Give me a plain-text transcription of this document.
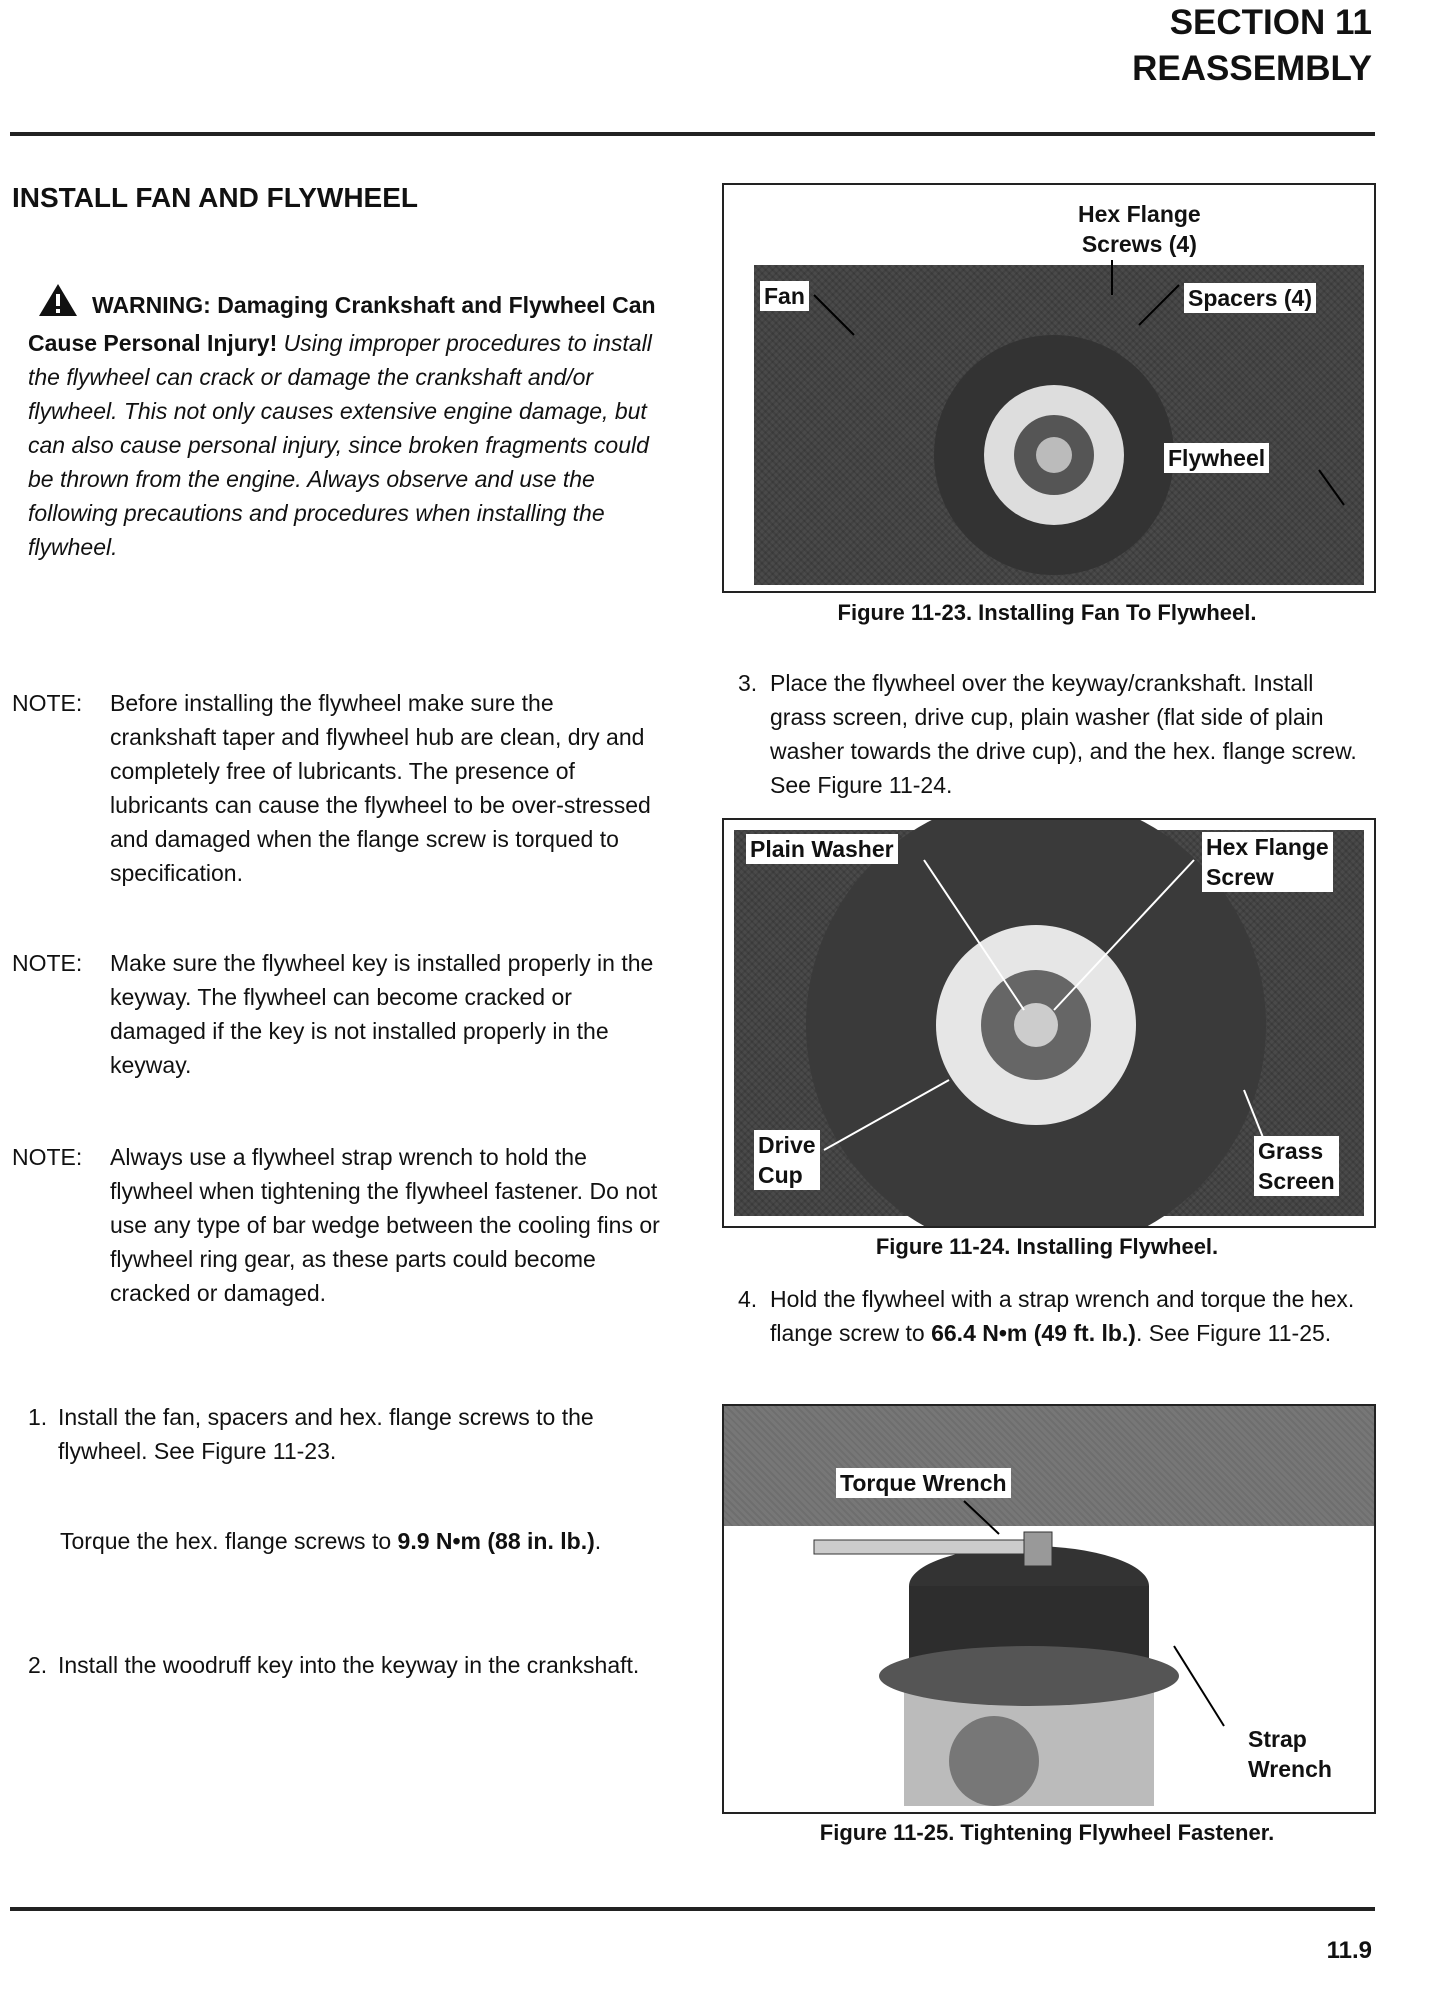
SECTION 11
REASSEMBLY
INSTALL FAN AND FLYWHEEL
WARNING: Damaging Crankshaft and Flywheel Can Cause Personal Injury! Using improper procedures to install the flywheel can crack or damage the crankshaft and/or flywheel. This not only causes extensive engine damage, but can also cause personal injury, since broken fragments could be thrown from the engine. Always observe and use the following precautions and procedures when installing the flywheel.
NOTE:	Before installing the flywheel make sure the crankshaft taper and flywheel hub are clean, dry and completely free of lubricants. The presence of lubricants can cause the flywheel to be over-stressed and damaged when the flange screw is torqued to specification.
NOTE:	Make sure the flywheel key is installed properly in the keyway. The flywheel can become cracked or damaged if the key is not installed properly in the keyway.
NOTE:	Always use a flywheel strap wrench to hold the flywheel when tightening the flywheel fastener. Do not use any type of bar wedge between the cooling fins or flywheel ring gear, as these parts could become cracked or damaged.
1. Install the fan, spacers and hex. flange screws to the flywheel. See Figure 11-23.
Torque the hex. flange screws to 9.9 N•m (88 in. lb.).
2. Install the woodruff key into the keyway in the crankshaft.
Hex Flange
Screws (4)
Fan	Spacers (4)
Flywheel
Figure 11-23. Installing Fan To Flywheel.
3. Place the flywheel over the keyway/crankshaft. Install grass screen, drive cup, plain washer (flat side of plain washer towards the drive cup), and the hex. flange screw. See Figure 11-24.
Plain Washer	Hex Flange
Screw
Drive
Cup
Grass
Screen
Figure 11-24. Installing Flywheel.
4. Hold the flywheel with a strap wrench and torque the hex. flange screw to 66.4 N•m (49 ft. lb.). See Figure 11-25.
Torque Wrench
Strap
Wrench
Figure 11-25. Tightening Flywheel Fastener.
11.9
